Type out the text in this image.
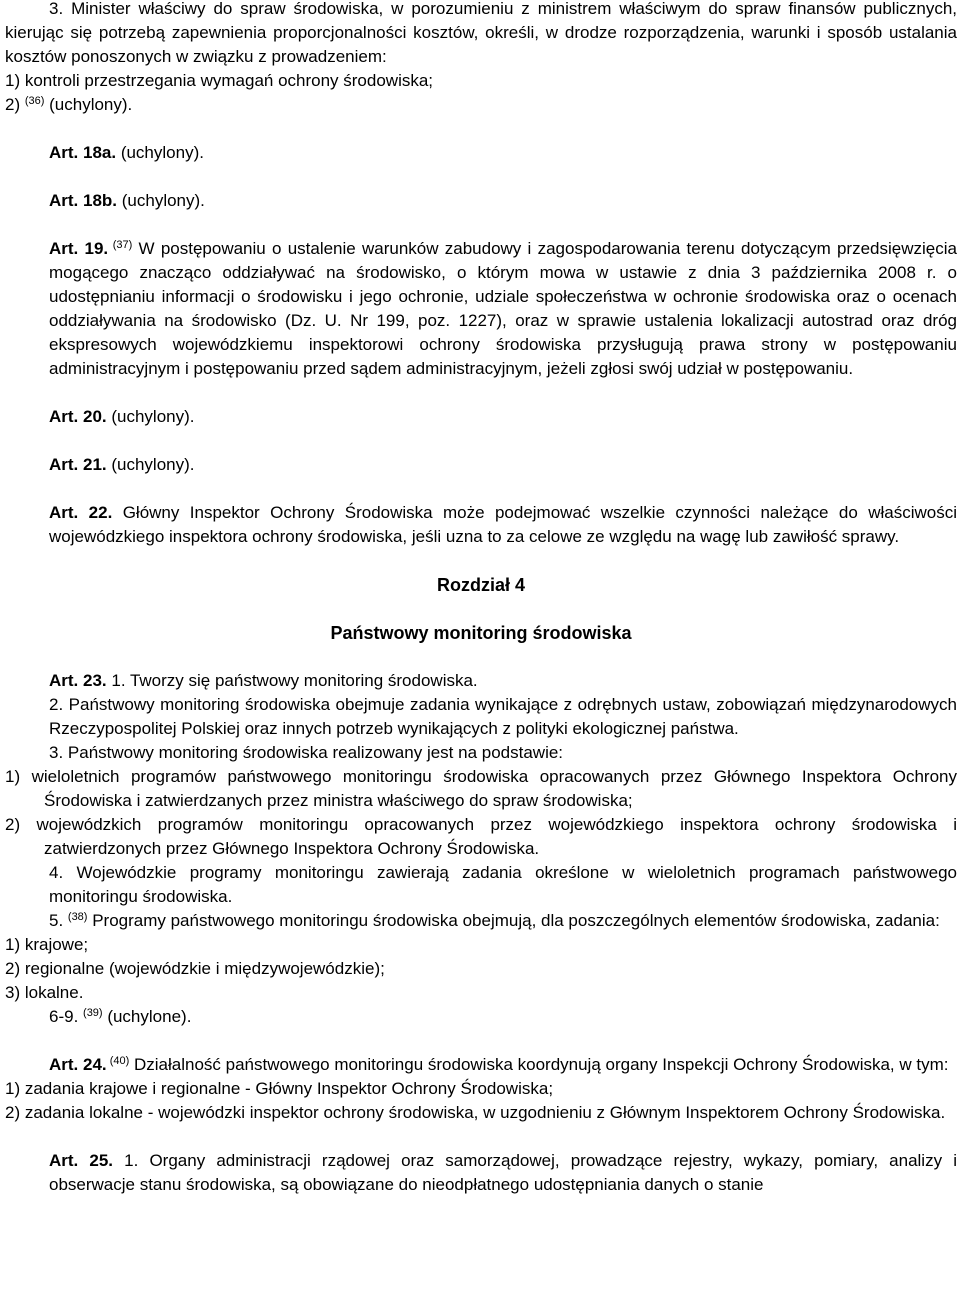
3. Minister właściwy do spraw środowiska, w porozumieniu z ministrem właściwym do spraw finansów publicznych, kierując się potrzebą zapewnienia proporcjonalności kosztów, określi, w drodze rozporządzenia, warunki i sposób ustalania kosztów ponoszonych w związku z prowadzeniem:

1) kontroli przestrzegania wymagań ochrony środowiska;

2) $^{(36)}$ (uchylony).

Art. 18a. (uchylony).

Art. 18b. (uchylony).

Art. 19. $^{(37)}$ W postępowaniu o ustalenie warunków zabudowy i zagospodarowania terenu dotyczącym przedsięwzięcia mogącego znacząco oddziaływać na środowisko, o którym mowa w ustawie z dnia 3 października 2008 r. o udostępnianiu informacji o środowisku i jego ochronie, udziale społeczeństwa w ochronie środowiska oraz o ocenach oddziaływania na środowisko (Dz. U. Nr 199, poz. 1227), oraz w sprawie ustalenia lokalizacji autostrad oraz dróg ekspresowych wojewódzkiemu inspektorowi ochrony środowiska przysługują prawa strony w postępowaniu administracyjnym i postępowaniu przed sądem administracyjnym, jeżeli zgłosi swój udział w postępowaniu.

Art. 20. (uchylony).

Art. 21. (uchylony).

Art. 22. Główny Inspektor Ochrony Środowiska może podejmować wszelkie czynności należące do właściwości wojewódzkiego inspektora ochrony środowiska, jeśli uzna to za celowe ze względu na wagę lub zawiłość sprawy.

Rozdział 4

Państwowy monitoring środowiska

Art. 23. 1. Tworzy się państwowy monitoring środowiska.

2. Państwowy monitoring środowiska obejmuje zadania wynikające z odrębnych ustaw, zobowiązań międzynarodowych Rzeczypospolitej Polskiej oraz innych potrzeb wynikających z polityki ekologicznej państwa.

3. Państwowy monitoring środowiska realizowany jest na podstawie:

1) wieloletnich programów państwowego monitoringu środowiska opracowanych przez Głównego Inspektora Ochrony Środowiska i zatwierdzanych przez ministra właściwego do spraw środowiska;

2) wojewódzkich programów monitoringu opracowanych przez wojewódzkiego inspektora ochrony środowiska i zatwierdzonych przez Głównego Inspektora Ochrony Środowiska.

4. Wojewódzkie programy monitoringu zawierają zadania określone w wieloletnich programach państwowego monitoringu środowiska.

5. $^{(38)}$ Programy państwowego monitoringu środowiska obejmują, dla poszczególnych elementów środowiska, zadania:

1) krajowe;

2) regionalne (wojewódzkie i międzywojewódzkie);

3) lokalne.

6-9. $^{(39)}$ (uchylone).

Art. 24. $^{(40)}$ Działalność państwowego monitoringu środowiska koordynują organy Inspekcji Ochrony Środowiska, w tym:

1) zadania krajowe i regionalne - Główny Inspektor Ochrony Środowiska;

2) zadania lokalne - wojewódzki inspektor ochrony środowiska, w uzgodnieniu z Głównym Inspektorem Ochrony Środowiska.

Art. 25. 1. Organy administracji rządowej oraz samorządowej, prowadzące rejestry, wykazy, pomiary, analizy i obserwacje stanu środowiska, są obowiązane do nieodpłatnego udostępniania danych o stanie
